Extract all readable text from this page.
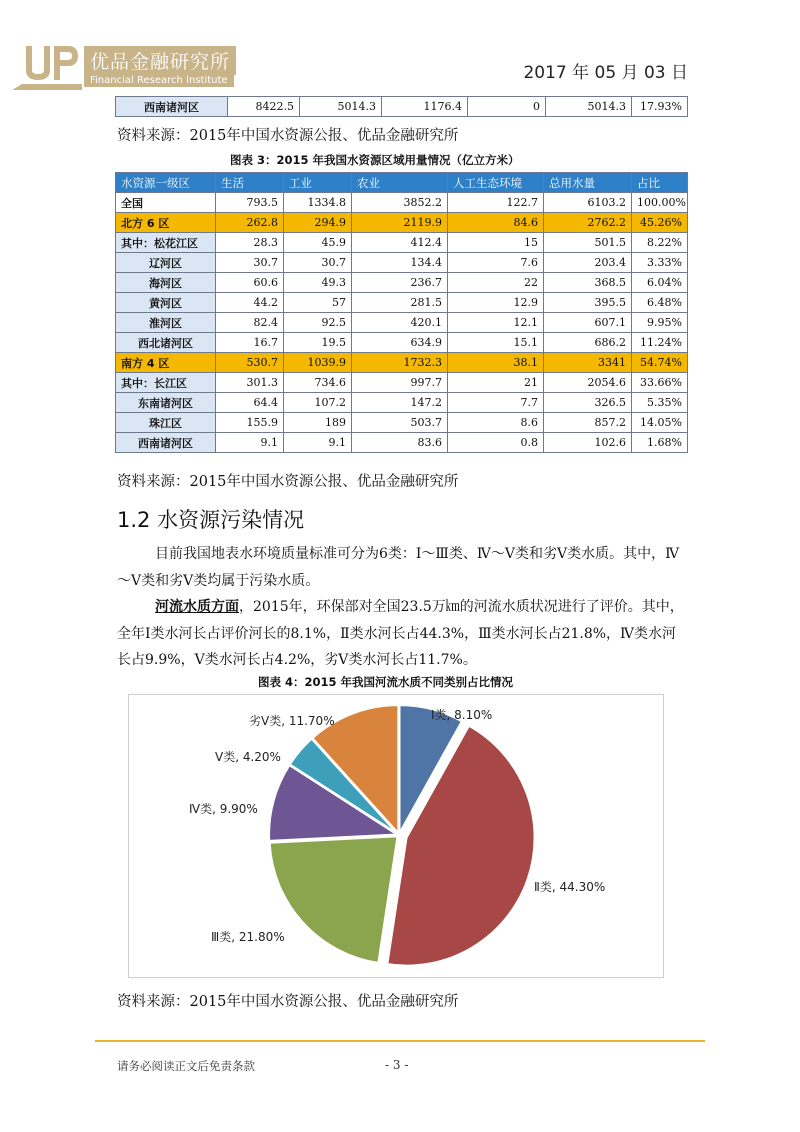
优品金融研究所
Financial Research Institute	2017 年 05 月 03 日
西南诸河区	8422.5	5014.3	1176.4	0	5014.3	17.93%
资料来源：2015年中国水资源公报、优品金融研究所
图表 3：2015 年我国水资源区域用量情况（亿立方米）
水资源一级区	生活	工业	农业	人工生态环境	总用水量	占比
全国	793.5	1334.8	3852.2	122.7	6103.2	100.00%
北方 6 区	262.8	294.9	2119.9	84.6	2762.2	45.26%
其中：松花江区	28.3	45.9	412.4	15	501.5	8.22%
辽河区	30.7	30.7	134.4	7.6	203.4	3.33%
海河区	60.6	49.3	236.7	22	368.5	6.04%
黄河区	44.2	57	281.5	12.9	395.5	6.48%
淮河区	82.4	92.5	420.1	12.1	607.1	9.95%
西北诸河区	16.7	19.5	634.9	15.1	686.2	11.24%
南方 4 区	530.7	1039.9	1732.3	38.1	3341	54.74%
其中：长江区	301.3	734.6	997.7	21	2054.6	33.66%
东南诸河区	64.4	107.2	147.2	7.7	326.5	5.35%
珠江区	155.9	189	503.7	8.6	857.2	14.05%
西南诸河区	9.1	9.1	83.6	0.8	102.6	1.68%
资料来源：2015年中国水资源公报、优品金融研究所
1.2 水资源污染情况

目前我国地表水环境质量标准可分为6类：Ⅰ～Ⅲ类、Ⅳ～Ⅴ类和劣Ⅴ类水质。其中，Ⅳ～Ⅴ类和劣Ⅴ类均属于污染水质。

河流水质方面，2015年，环保部对全国23.5万㎞的河流水质状况进行了评价。其中，全年Ⅰ类水河长占评价河长的8.1%，Ⅱ类水河长占44.3%，Ⅲ类水河长占21.8%，Ⅳ类水河长占9.9%，Ⅴ类水河长占4.2%，劣Ⅴ类水河长占11.7%。

图表 4：2015 年我国河流水质不同类别占比情况
Ⅰ类, 8.10%
Ⅱ类, 44.30%
Ⅲ类, 21.80%
Ⅳ类, 9.90%
Ⅴ类, 4.20%
劣Ⅴ类, 11.70%
资料来源：2015年中国水资源公报、优品金融研究所
请务必阅读正文后免责条款	- 3 -
